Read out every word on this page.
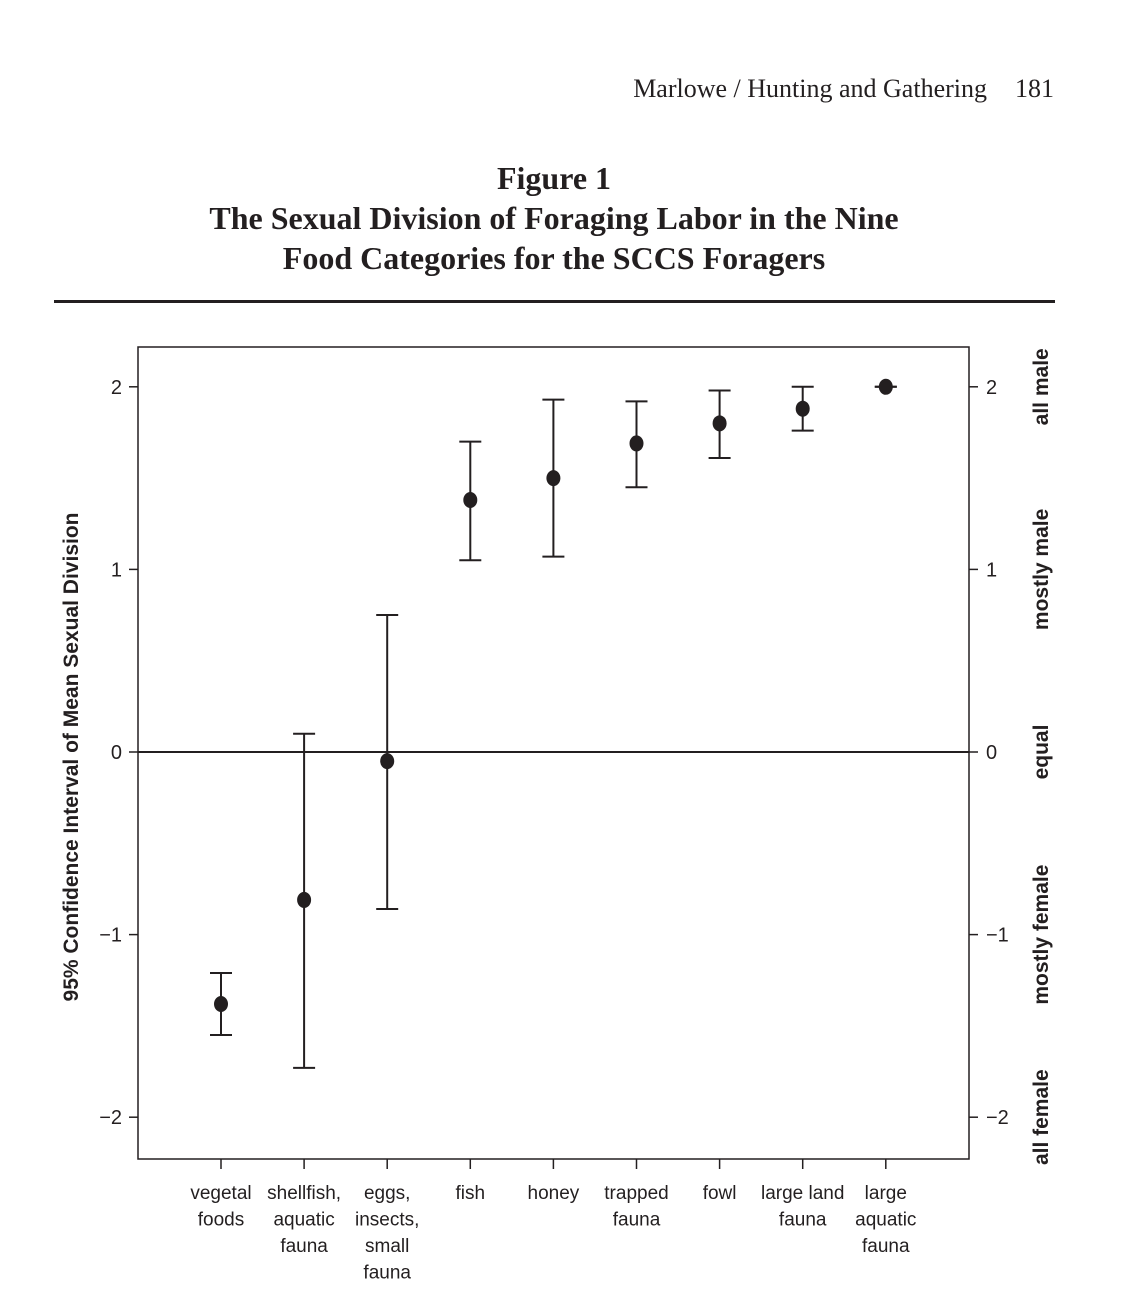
Marlowe / Hunting and Gathering 181
Figure 1
The Sexual Division of Foraging Labor in the Nine
Food Categories for the SCCS Foragers
2	2 all male
1	1 mostly male
0	0 equal
−1	−1 mostly female
−2	−2 all female
vegetal foods
shellfish, aquatic fauna
eggs, insects, small fauna
fish honey trapped fauna
fowl large land fauna
large aquatic fauna
95% Confidence Interval of Mean Sexual Division
